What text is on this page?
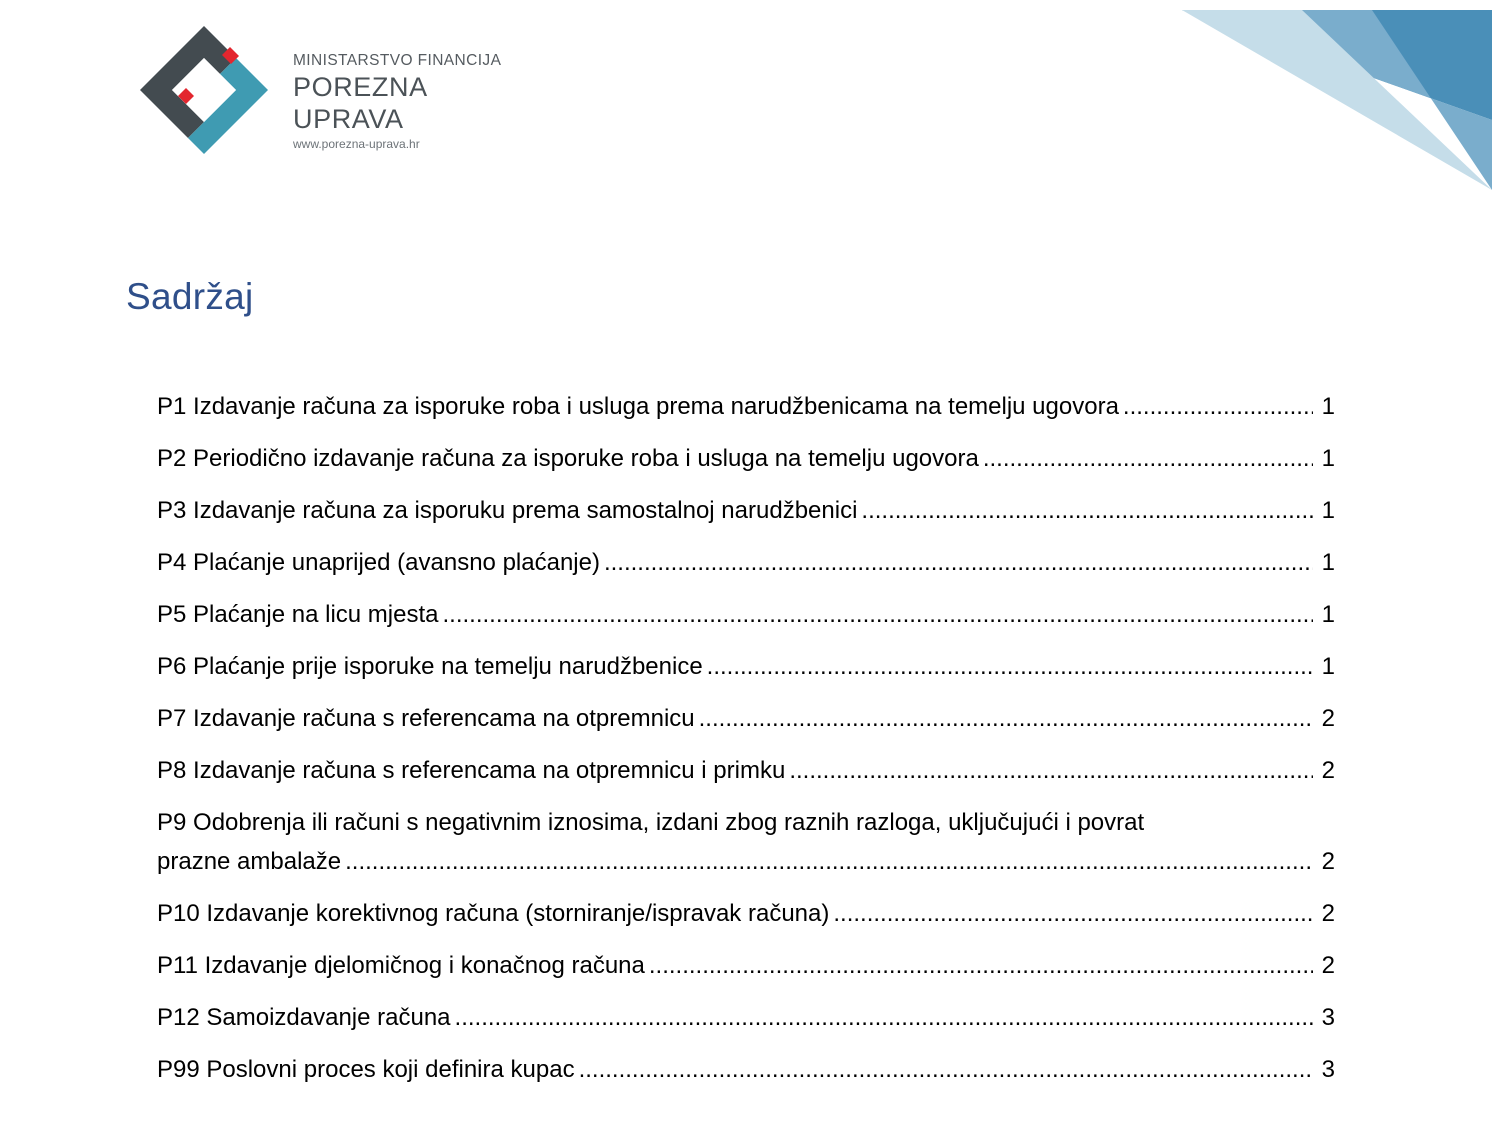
MINISTARSTVO FINANCIJA
POREZNA UPRAVA
www.porezna-uprava.hr
Sadržaj
P1 Izdavanje računa za isporuke roba i usluga prema narudžbenicama na temelju ugovora .....	1
P2 Periodično izdavanje računa za isporuke roba i usluga na temelju ugovora .....	1
P3 Izdavanje računa za isporuku prema samostalnoj narudžbenici .....	1
P4 Plaćanje unaprijed (avansno plaćanje) .....	1
P5 Plaćanje na licu mjesta .....	1
P6 Plaćanje prije isporuke na temelju narudžbenice .....	1
P7 Izdavanje računa s referencama na otpremnicu .....	2
P8 Izdavanje računa s referencama na otpremnicu i primku .....	2
P9 Odobrenja ili računi s negativnim iznosima, izdani zbog raznih razloga, uključujući i povrat
prazne ambalaže .....	2
P10 Izdavanje korektivnog računa (storniranje/ispravak računa) .....	2
P11 Izdavanje djelomičnog i konačnog računa .....	2
P12 Samoizdavanje računa .....	3
P99 Poslovni proces koji definira kupac .....	3
